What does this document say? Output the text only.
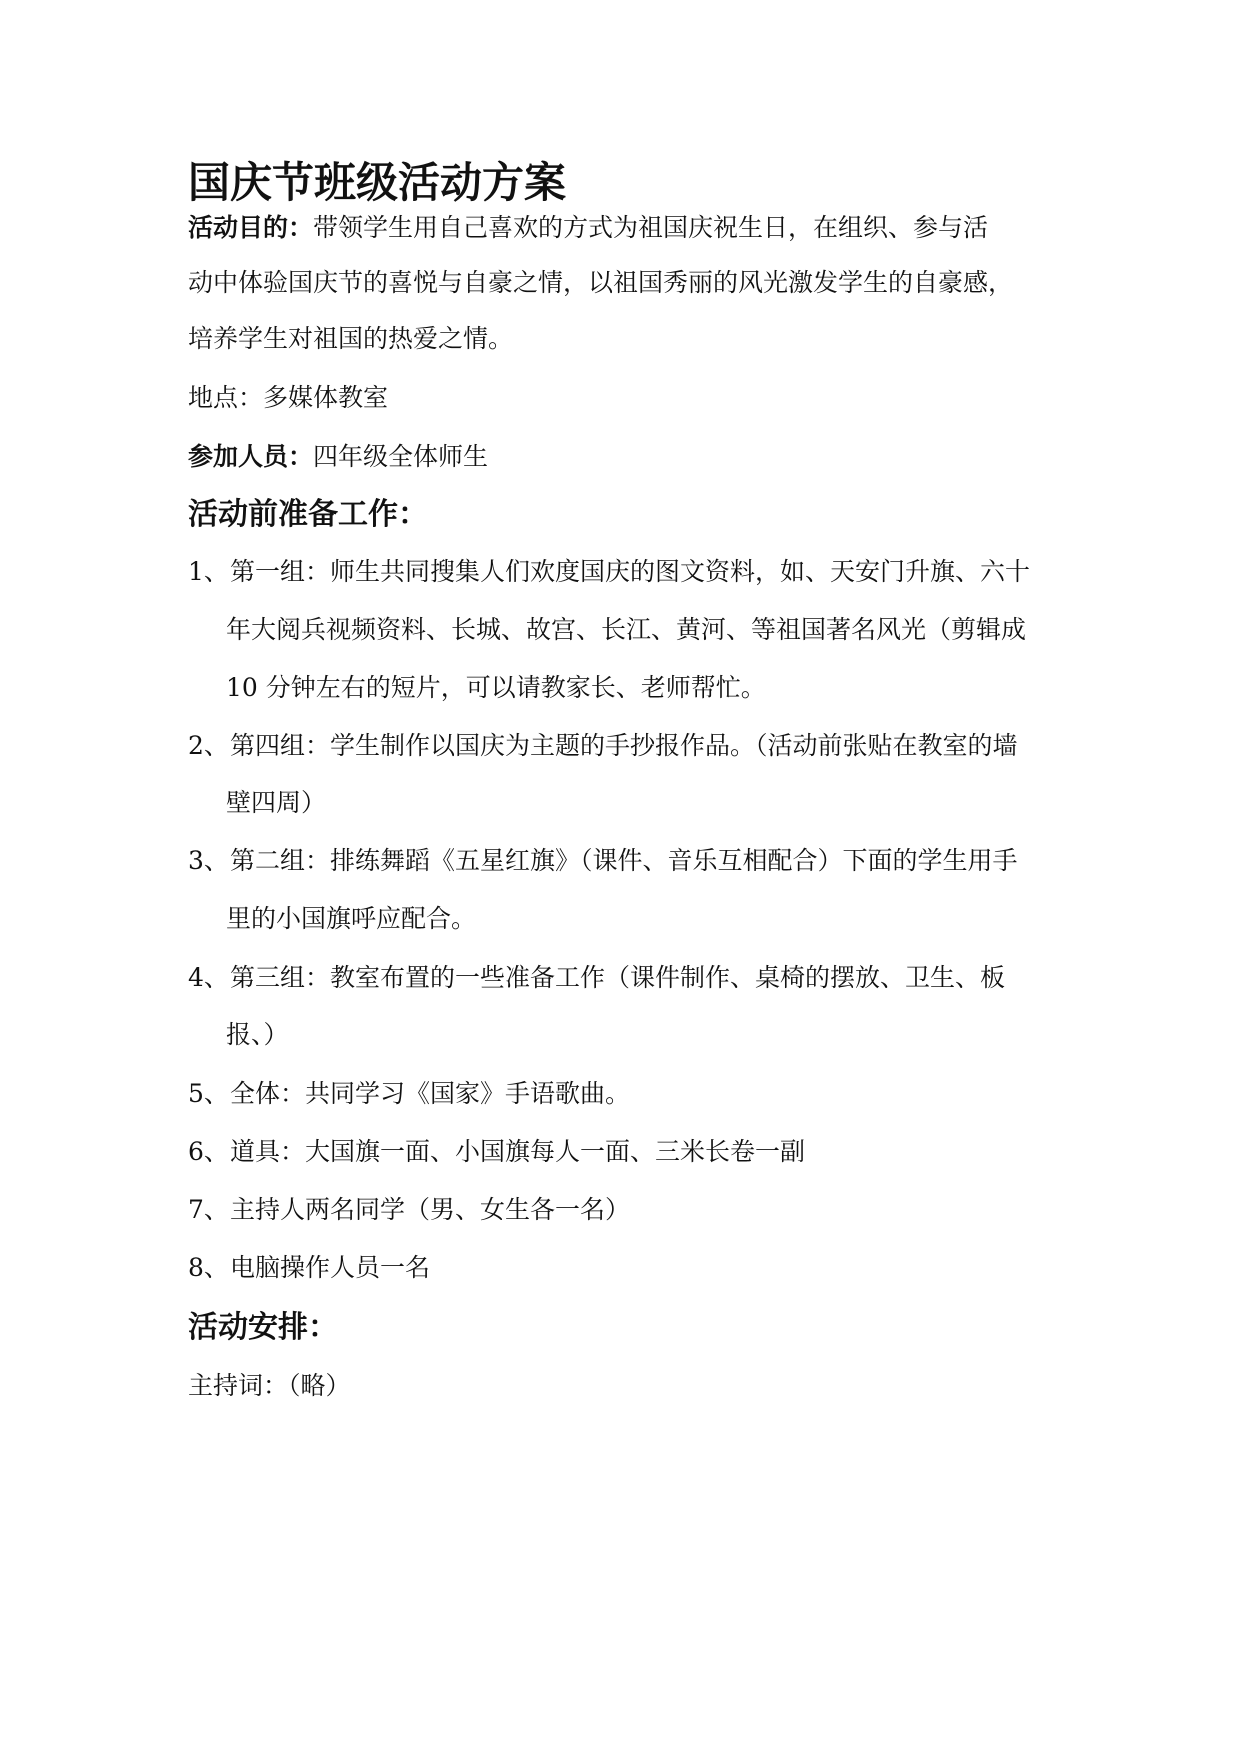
国庆节班级活动方案
活动目的：带领学生用自己喜欢的方式为祖国庆祝生日，在组织、参与活
动中体验国庆节的喜悦与自豪之情，以祖国秀丽的风光激发学生的自豪感，
培养学生对祖国的热爱之情。
地点：多媒体教室
参加人员：四年级全体师生
活动前准备工作：
1、第一组：师生共同搜集人们欢度国庆的图文资料，如、天安门升旗、六十
年大阅兵视频资料、长城、故宫、长江、黄河、等祖国著名风光（剪辑成
10 分钟左右的短片，可以请教家长、老师帮忙。
2、第四组：学生制作以国庆为主题的手抄报作品。（活动前张贴在教室的墙
壁四周）
3、第二组：排练舞蹈《五星红旗》（课件、音乐互相配合）下面的学生用手
里的小国旗呼应配合。
4、第三组：教室布置的一些准备工作（课件制作、桌椅的摆放、卫生、板
报、）
5、全体：共同学习《国家》手语歌曲。
6、道具：大国旗一面、小国旗每人一面、三米长卷一副
7、主持人两名同学（男、女生各一名）
8、电脑操作人员一名
活动安排：
主持词：（略）
